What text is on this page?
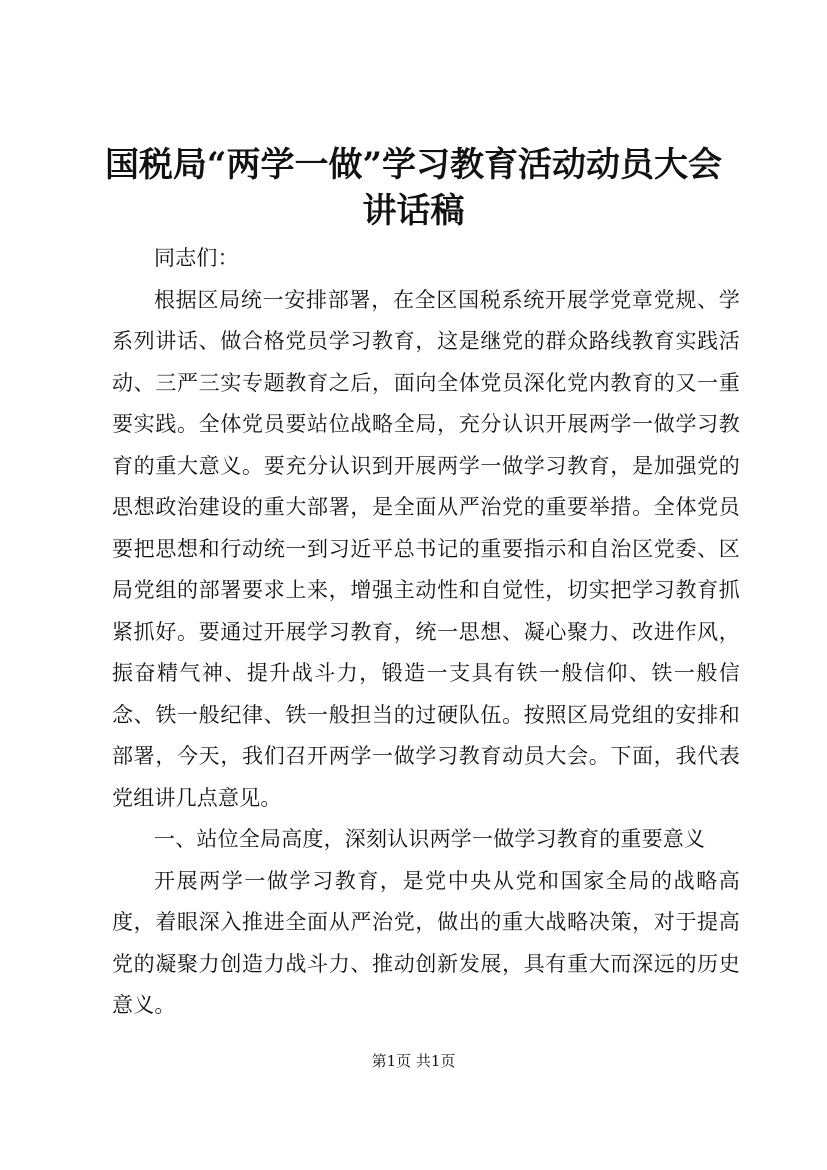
国税局“两学一做”学习教育活动动员大会讲话稿

同志们：

根据区局统一安排部署，在全区国税系统开展学党章党规、学系列讲话、做合格党员学习教育，这是继党的群众路线教育实践活动、三严三实专题教育之后，面向全体党员深化党内教育的又一重要实践。全体党员要站位战略全局，充分认识开展两学一做学习教育的重大意义。要充分认识到开展两学一做学习教育，是加强党的思想政治建设的重大部署，是全面从严治党的重要举措。全体党员要把思想和行动统一到习近平总书记的重要指示和自治区党委、区局党组的部署要求上来，增强主动性和自觉性，切实把学习教育抓紧抓好。要通过开展学习教育，统一思想、凝心聚力、改进作风，振奋精气神、提升战斗力，锻造一支具有铁一般信仰、铁一般信念、铁一般纪律、铁一般担当的过硬队伍。按照区局党组的安排和部署，今天，我们召开两学一做学习教育动员大会。下面，我代表党组讲几点意见。

一、站位全局高度，深刻认识两学一做学习教育的重要意义

开展两学一做学习教育，是党中央从党和国家全局的战略高度，着眼深入推进全面从严治党，做出的重大战略决策，对于提高党的凝聚力创造力战斗力、推动创新发展，具有重大而深远的历史意义。

第1页 共1页
